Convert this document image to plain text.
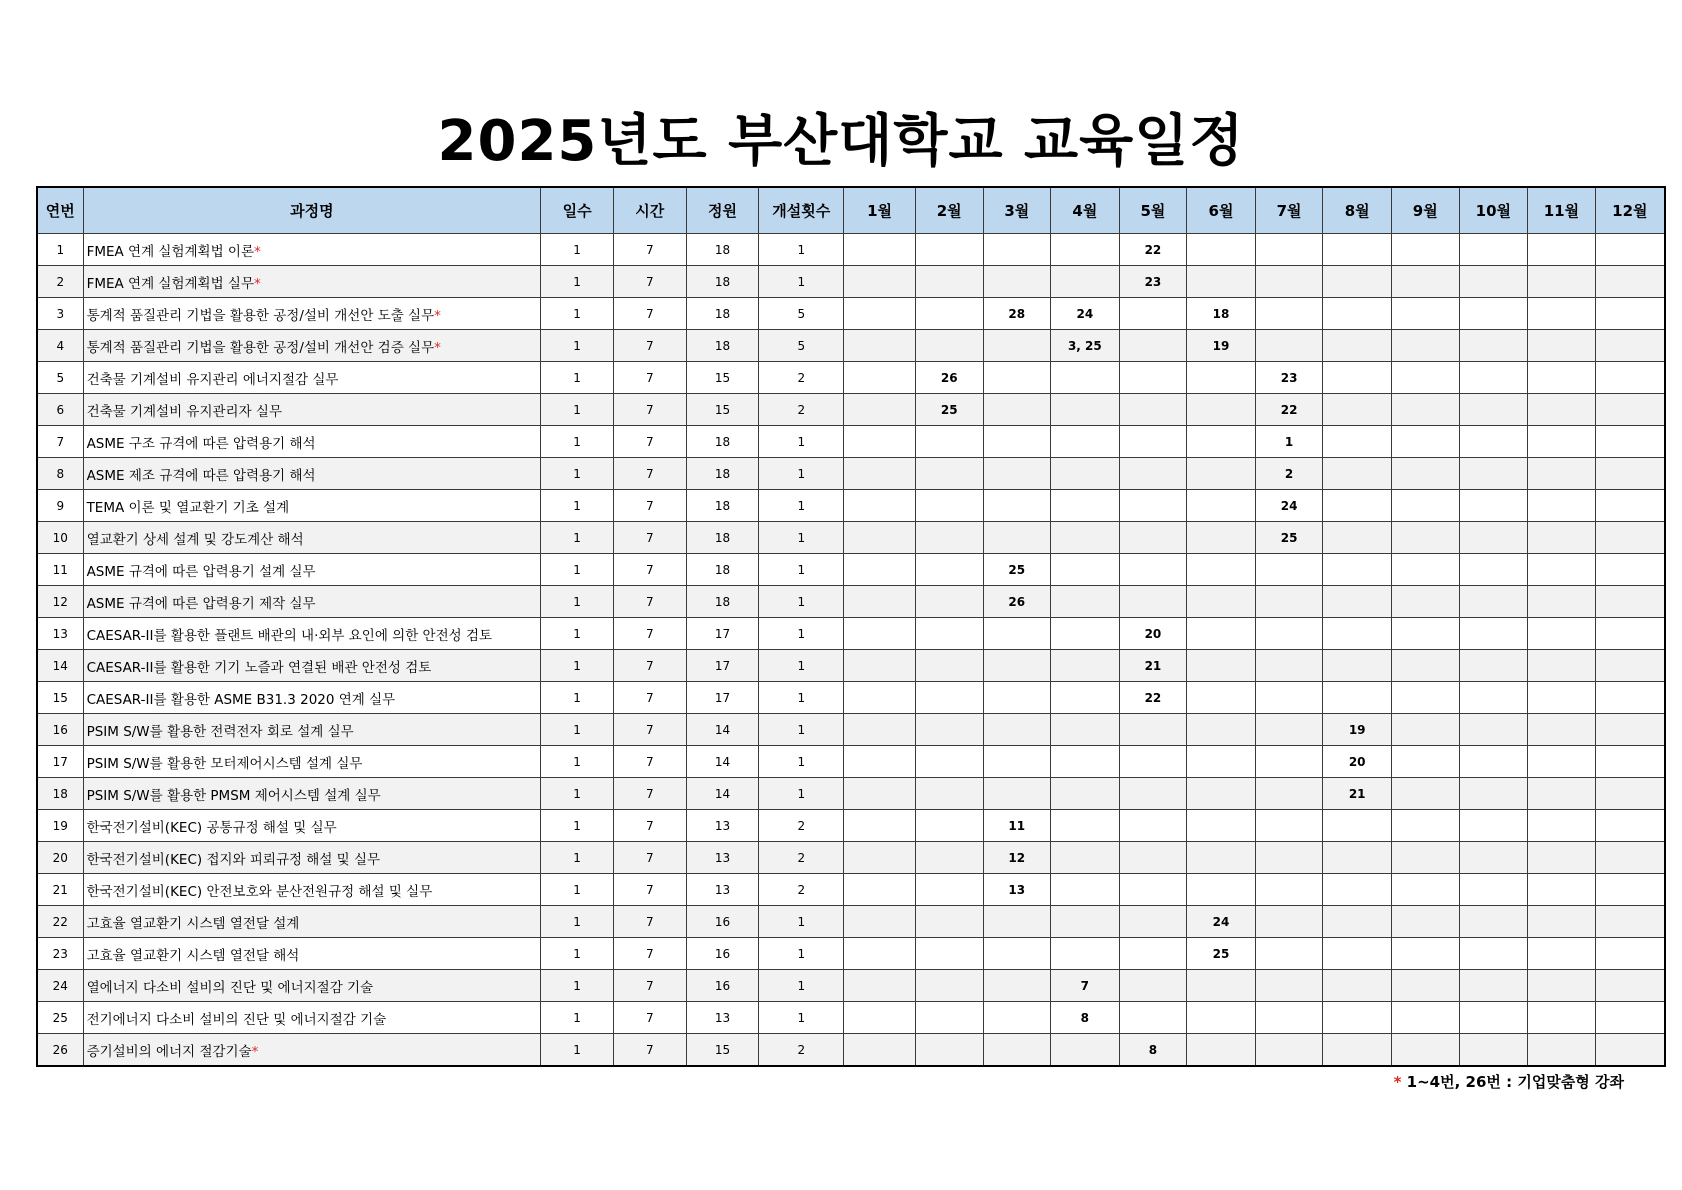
2025년도 부산대학교 교육일정
연번	과정명	일수	시간	정원	개설횟수	1월	2월	3월	4월	5월	6월	7월	8월	9월	10월	11월	12월
1	FMEA 연계 실험계획법 이론*	1	7	18	1					22							
2	FMEA 연계 실험계획법 실무*	1	7	18	1					23							
3	통계적 품질관리 기법을 활용한 공정/설비 개선안 도출 실무*	1	7	18	5			28	24		18						
4	통계적 품질관리 기법을 활용한 공정/설비 개선안 검증 실무*	1	7	18	5				3, 25		19						
5	건축물 기계설비 유지관리 에너지절감 실무	1	7	15	2		26					23					
6	건축물 기계설비 유지관리자 실무	1	7	15	2		25					22					
7	ASME 구조 규격에 따른 압력용기 해석	1	7	18	1							1					
8	ASME 제조 규격에 따른 압력용기 해석	1	7	18	1							2					
9	TEMA 이론 및 열교환기 기초 설계	1	7	18	1							24					
10	열교환기 상세 설계 및 강도계산 해석	1	7	18	1							25					
11	ASME 규격에 따른 압력용기 설계 실무	1	7	18	1			25									
12	ASME 규격에 따른 압력용기 제작 실무	1	7	18	1			26									
13	CAESAR-II를 활용한 플랜트 배관의 내·외부 요인에 의한 안전성 검토	1	7	17	1					20							
14	CAESAR-II를 활용한 기기 노즐과 연결된 배관 안전성 검토	1	7	17	1					21							
15	CAESAR-II를 활용한 ASME B31.3 2020 연계 실무	1	7	17	1					22							
16	PSIM S/W를 활용한 전력전자 회로 설계 실무	1	7	14	1								19				
17	PSIM S/W를 활용한 모터제어시스템 설계 실무	1	7	14	1								20				
18	PSIM S/W를 활용한 PMSM 제어시스템 설계 실무	1	7	14	1								21				
19	한국전기설비(KEC) 공통규정 해설 및 실무	1	7	13	2			11									
20	한국전기설비(KEC) 접지와 피뢰규정 해설 및 실무	1	7	13	2			12									
21	한국전기설비(KEC) 안전보호와 분산전원규정 해설 및 실무	1	7	13	2			13									
22	고효율 열교환기 시스템 열전달 설계	1	7	16	1						24						
23	고효율 열교환기 시스템 열전달 해석	1	7	16	1						25						
24	열에너지 다소비 설비의 진단 및 에너지절감 기술	1	7	16	1				7								
25	전기에너지 다소비 설비의 진단 및 에너지절감 기술	1	7	13	1				8								
26	증기설비의 에너지 절감기술*	1	7	15	2					8							
* 1~4번, 26번 : 기업맞춤형 강좌
